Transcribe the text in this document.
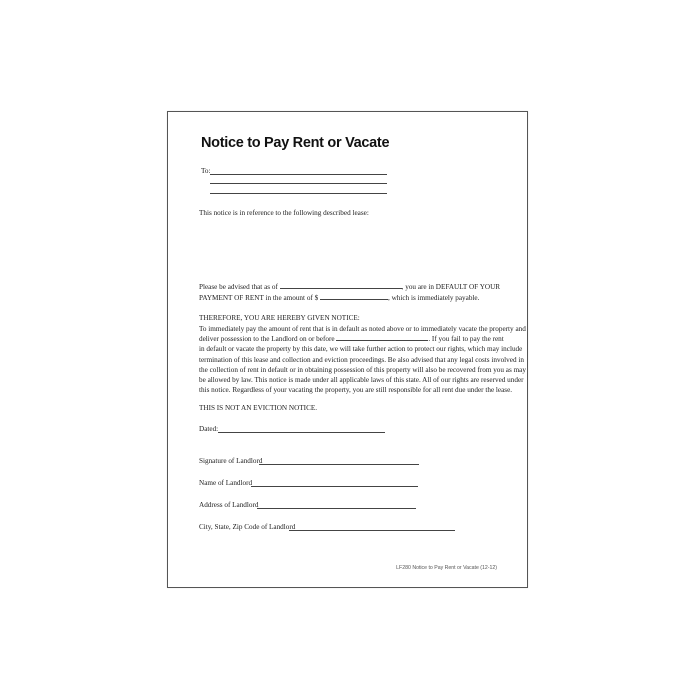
Notice to Pay Rent or Vacate
To:
This notice is in reference to the following described lease:
Please be advised that as of	, you are in DEFAULT OF YOUR
PAYMENT OF RENT in the amount of $	, which is immediately payable.
THEREFORE, YOU ARE HEREBY GIVEN NOTICE:
To immediately pay the amount of rent that is in default as noted above or to immediately vacate the property and
deliver possession to the Landlord on or before	. If you fail to pay the rent
in default or vacate the property by this date, we will take further action to protect our rights, which may include
termination of this lease and collection and eviction proceedings. Be also advised that any legal costs involved in
the collection of rent in default or in obtaining possession of this property will also be recovered from you as may
be allowed by law. This notice is made under all applicable laws of this state. All of our rights are reserved under
this notice. Regardless of your vacating the property, you are still responsible for all rent due under the lease.
THIS IS NOT AN EVICTION NOTICE.
Dated:
Signature of Landlord
Name of Landlord
Address of Landlord
City, State, Zip Code of Landlord
LF280 Notice to Pay Rent or Vacate (12-12)
